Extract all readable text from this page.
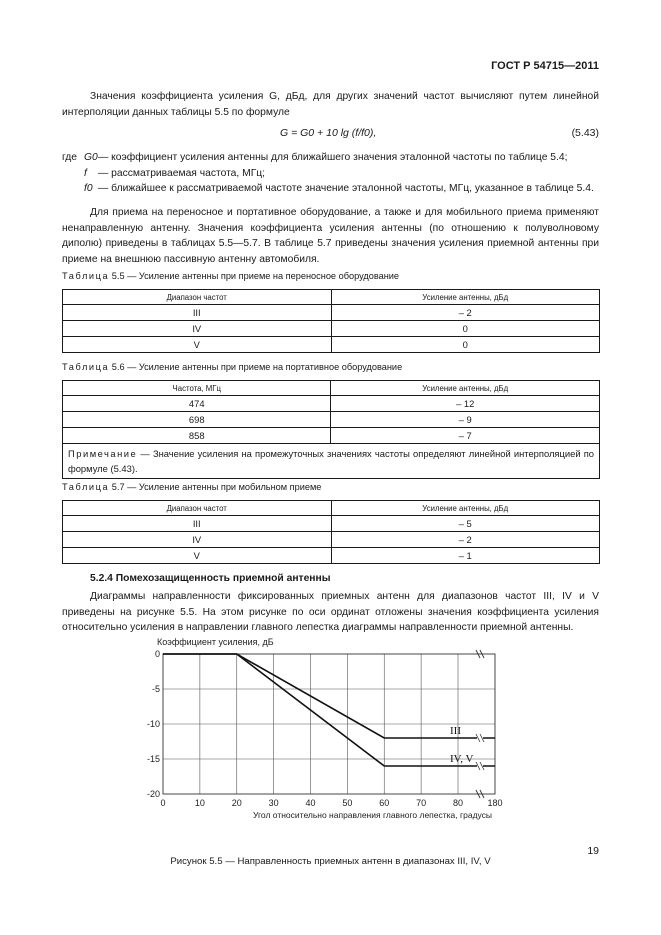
ГОСТ Р 54715—2011
Значения коэффициента усиления G, дБд, для других значений частот вычисляют путем линейной интерполяции данных таблицы 5.5 по формуле
G = G0 + 10 lg (f/f0),	(5.43)
где G0 — коэффициент усиления антенны для ближайшего значения эталонной частоты по таблице 5.4;
f	— рассматриваемая частота, МГц;
f0 — ближайшее к рассматриваемой частоте значение эталонной частоты, МГц, указанное в таблице 5.4.
Для приема на переносное и портативное оборудование, а также и для мобильного приема применяют ненаправленную антенну. Значения коэффициента усиления антенны (по отношению к полуволновому диполю) приведены в таблицах 5.5—5.7. В таблице 5.7 приведены значения усиления приемной антенны при приеме на внешнюю пассивную антенну автомобиля.
Таблица 5.5 — Усиление антенны при приеме на переносное оборудование
Диапазон частот	Усиление антенны, дБд
III	– 2
IV	0
V	0
Таблица 5.6 — Усиление антенны при приеме на портативное оборудование
Частота, МГц	Усиление антенны, дБд
474	– 12
698	– 9
858	– 7
Примечание — Значение усиления на промежуточных значениях частоты определяют линейной интерполяцией по формуле (5.43).	
Таблица 5.7 — Усиление антенны при мобильном приеме
Диапазон частот	Усиление антенны, дБд
III	– 5
IV	– 2
V	– 1
5.2.4 Помехозащищенность приемной антенны
Диаграммы направленности фиксированных приемных антенн для диапазонов частот III, IV и V приведены на рисунке 5.5. На этом рисунке по оси ординат отложены значения коэффициента усиления относительно усиления в направлении главного лепестка диаграммы направленности приемной антенны.
0	10	20	30	40	50	60	70	80	180
0
-5
-10
-15
-20
III
IV, V
Коэффициент усиления, дБ
Угол относительно направления главного лепестка, градусы
Рисунок 5.5 — Направленность приемных антенн в диапазонах III, IV, V
19
